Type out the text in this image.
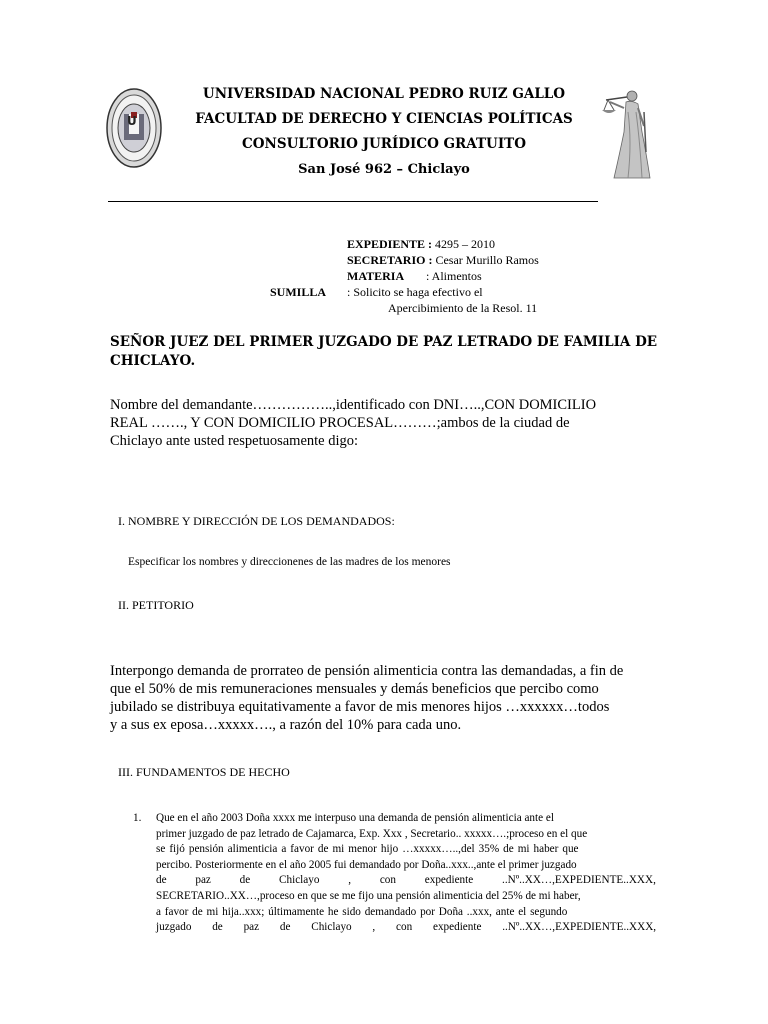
U
UNIVERSIDAD NACIONAL PEDRO RUIZ GALLO
FACULTAD DE DERECHO Y CIENCIAS POLÍTICAS
CONSULTORIO JURÍDICO GRATUITO
San José 962 – Chiclayo
EXPEDIENTE : 4295 – 2010
SECRETARIO : Cesar Murillo Ramos
MATERIA : Alimentos
SUMILLA : Solicito se haga efectivo el
Apercibimiento de la Resol. 11
SEÑOR JUEZ DEL PRIMER JUZGADO DE PAZ LETRADO DE FAMILIA DE
CHICLAYO.
Nombre del demandante……………..,identificado con DNI…..,CON DOMICILIO
REAL ……., Y CON DOMICILIO PROCESAL………;ambos de la ciudad de
Chiclayo ante usted respetuosamente digo:
I. NOMBRE Y DIRECCIÓN DE LOS DEMANDADOS:
Especificar los nombres y direccionenes de las madres de los menores
II. PETITORIO
Interpongo demanda de prorrateo de pensión alimenticia contra las demandadas, a fin de
que el 50% de mis remuneraciones mensuales y demás beneficios que percibo como
jubilado se distribuya equitativamente a favor de mis menores hijos …xxxxxx…todos
y a sus ex eposa…xxxxx…., a razón del 10% para cada uno.
III. FUNDAMENTOS DE HECHO
1. Que en el año 2003 Doña xxxx me interpuso una demanda de pensión alimenticia ante el
primer juzgado de paz letrado de Cajamarca, Exp. Xxx , Secretario.. xxxxx….;proceso en el que
se fijó pensión alimenticia a favor de mi menor hijo …xxxxx…..,del 35% de mi haber que
percibo. Posteriormente en el año 2005 fui demandado por Doña..xxx..,ante el primer juzgado
de paz de Chiclayo , con expediente ..Nº..XX…,EXPEDIENTE..XXX,
SECRETARIO..XX…,proceso en que se me fijo una pensión alimenticia del 25% de mi haber,
a favor de mi hija..xxx; últimamente he sido demandado por Doña ..xxx, ante el segundo
juzgado de paz de Chiclayo , con expediente ..Nº..XX…,EXPEDIENTE..XXX,
